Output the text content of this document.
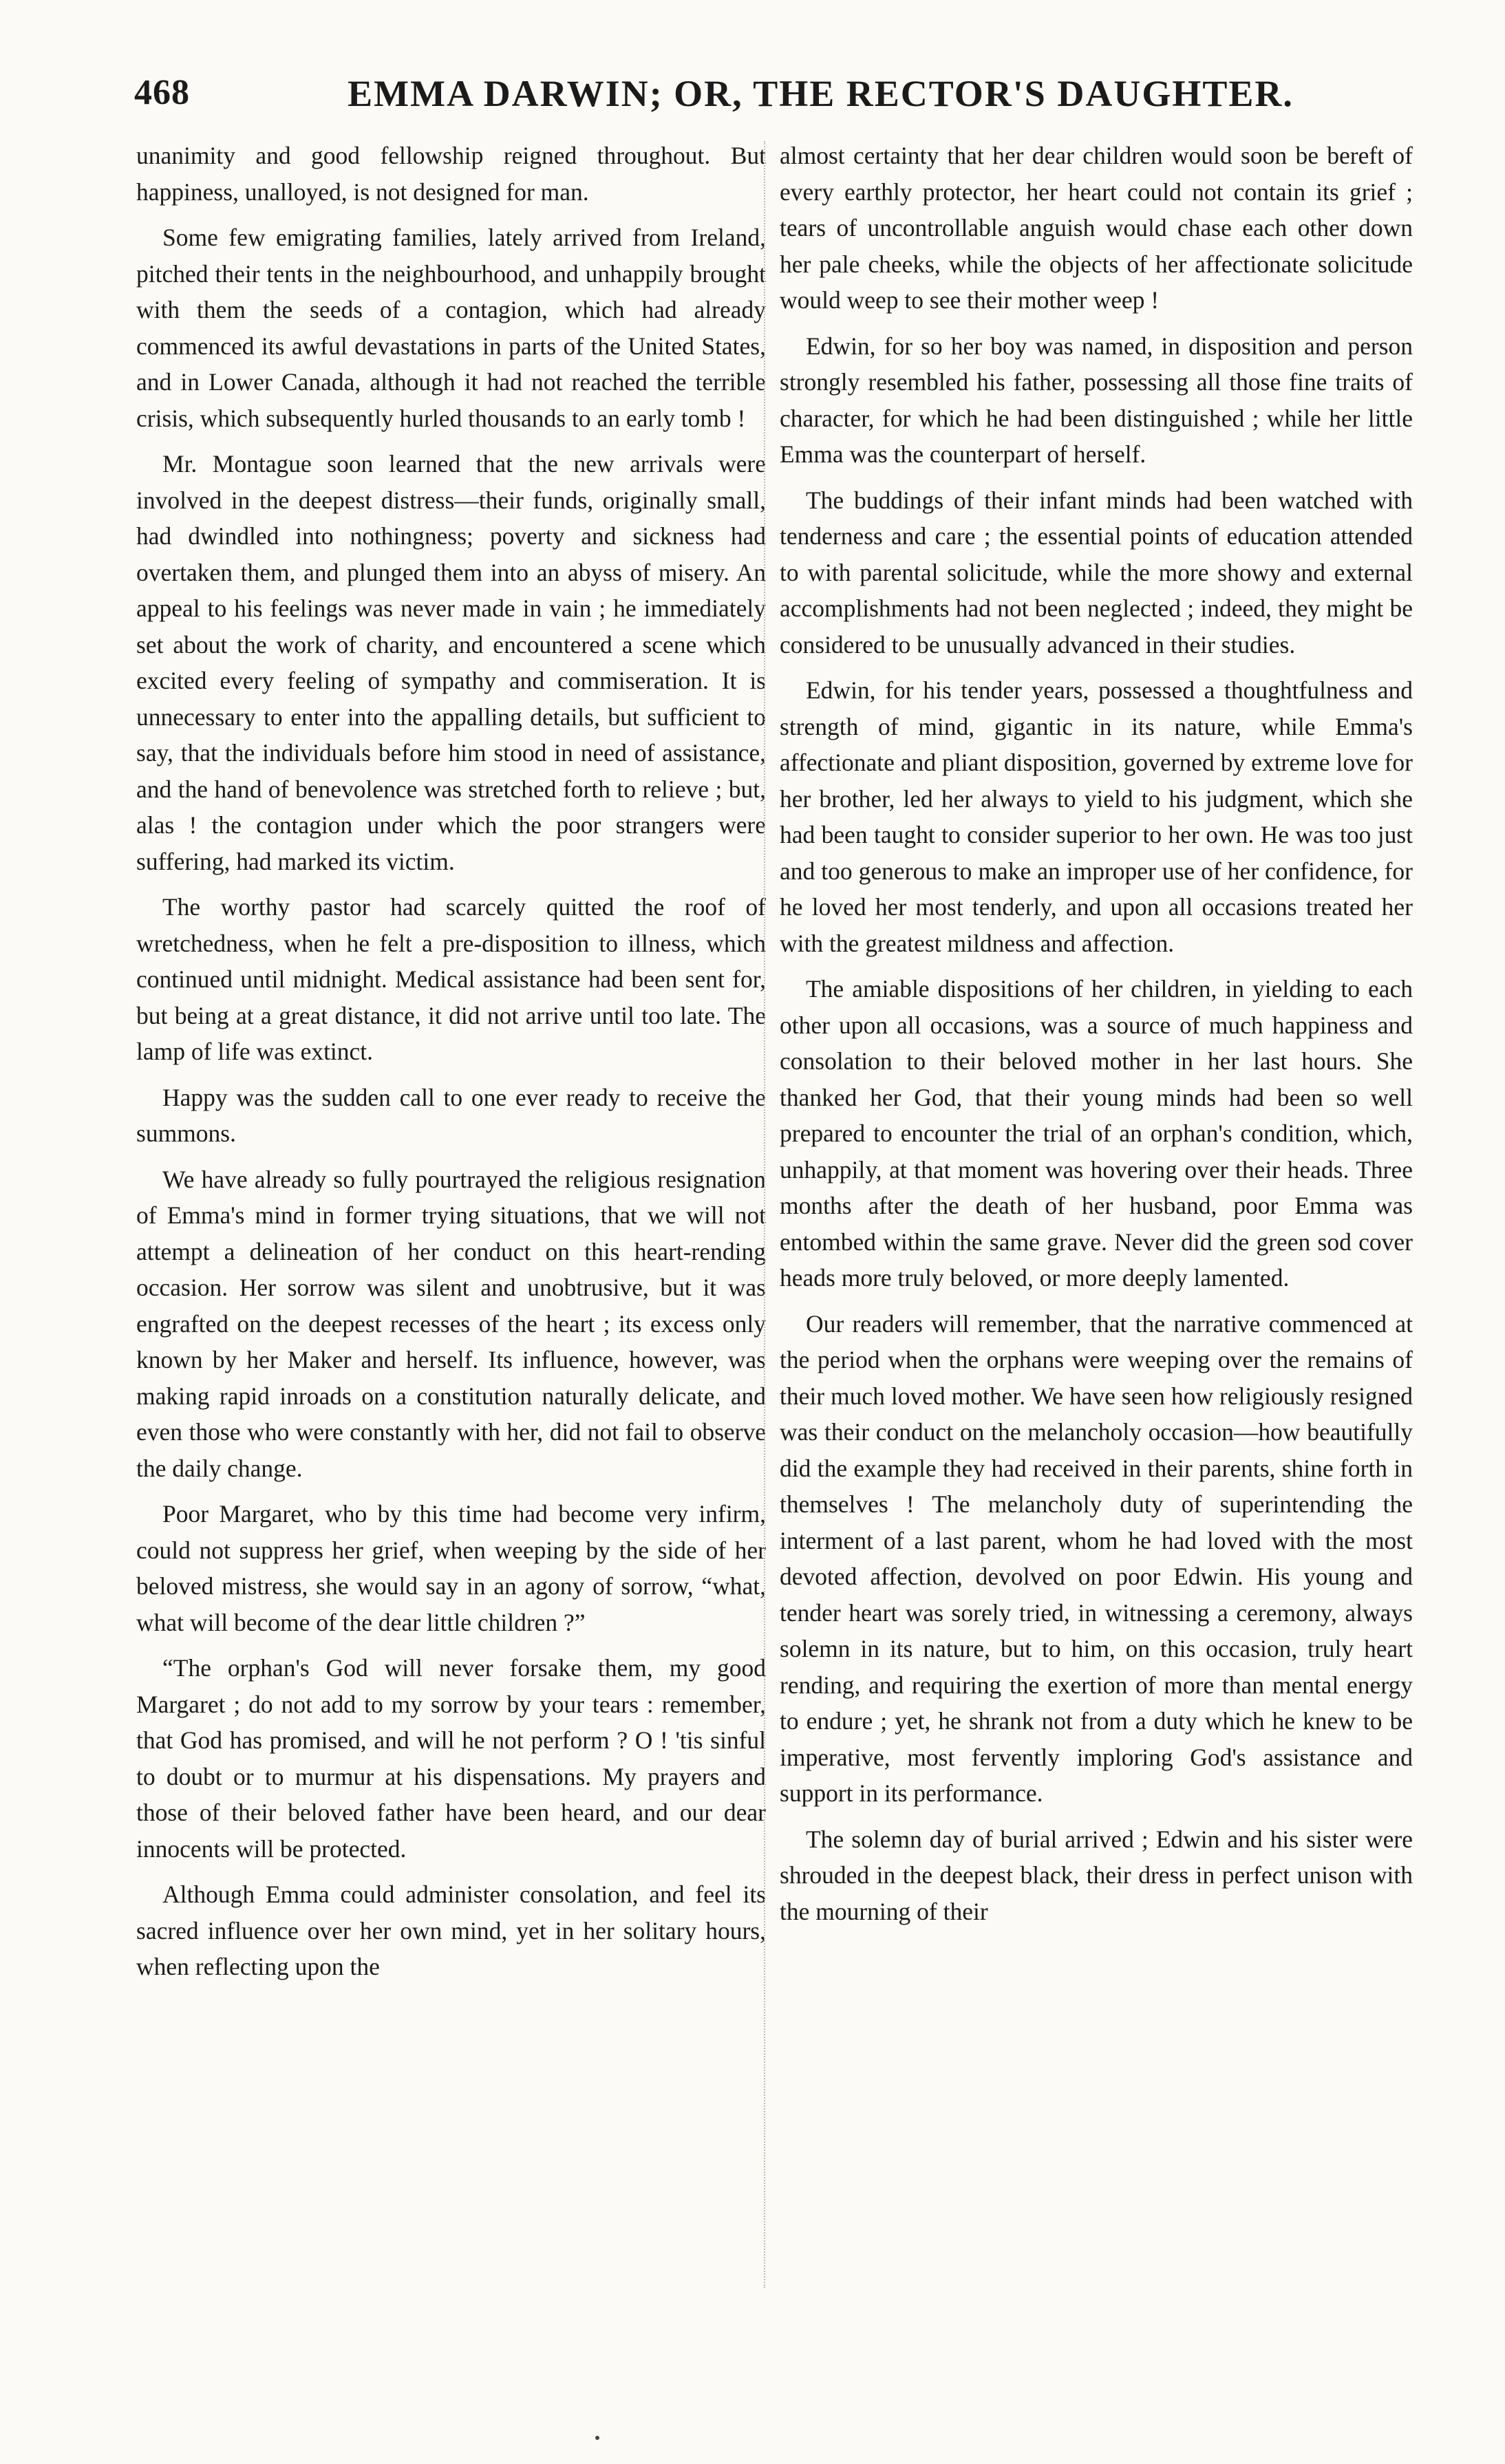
468	EMMA DARWIN; OR, THE RECTOR'S DAUGHTER.

unanimity and good fellowship reigned throughout. But happiness, unalloyed, is not designed for man.

Some few emigrating families, lately arrived from Ireland, pitched their tents in the neighbourhood, and unhappily brought with them the seeds of a contagion, which had already commenced its awful devastations in parts of the United States, and in Lower Canada, although it had not reached the terrible crisis, which subsequently hurled thousands to an early tomb !

Mr. Montague soon learned that the new arrivals were involved in the deepest distress—their funds, originally small, had dwindled into nothingness; poverty and sickness had overtaken them, and plunged them into an abyss of misery. An appeal to his feelings was never made in vain ; he immediately set about the work of charity, and encountered a scene which excited every feeling of sympathy and commiseration. It is unnecessary to enter into the appalling details, but sufficient to say, that the individuals before him stood in need of assistance, and the hand of benevolence was stretched forth to relieve ; but, alas ! the contagion under which the poor strangers were suffering, had marked its victim.

The worthy pastor had scarcely quitted the roof of wretchedness, when he felt a pre-disposition to illness, which continued until midnight. Medical assistance had been sent for, but being at a great distance, it did not arrive until too late. The lamp of life was extinct.

Happy was the sudden call to one ever ready to receive the summons.

We have already so fully pourtrayed the religious resignation of Emma's mind in former trying situations, that we will not attempt a delineation of her conduct on this heart-rending occasion. Her sorrow was silent and unobtrusive, but it was engrafted on the deepest recesses of the heart ; its excess only known by her Maker and herself. Its influence, however, was making rapid inroads on a constitution naturally delicate, and even those who were constantly with her, did not fail to observe the daily change.

Poor Margaret, who by this time had become very infirm, could not suppress her grief, when weeping by the side of her beloved mistress, she would say in an agony of sorrow, “what, what will become of the dear little children ?”

“The orphan's God will never forsake them, my good Margaret ; do not add to my sorrow by your tears : remember, that God has promised, and will he not perform ? O ! 'tis sinful to doubt or to murmur at his dispensations. My prayers and those of their beloved father have been heard, and our dear innocents will be protected.

Although Emma could administer consolation, and feel its sacred influence over her own mind, yet in her solitary hours, when reflecting upon the

almost certainty that her dear children would soon be bereft of every earthly protector, her heart could not contain its grief ; tears of uncontrollable anguish would chase each other down her pale cheeks, while the objects of her affectionate solicitude would weep to see their mother weep !

Edwin, for so her boy was named, in disposition and person strongly resembled his father, possessing all those fine traits of character, for which he had been distinguished ; while her little Emma was the counterpart of herself.

The buddings of their infant minds had been watched with tenderness and care ; the essential points of education attended to with parental solicitude, while the more showy and external accomplishments had not been neglected ; indeed, they might be considered to be unusually advanced in their studies.

Edwin, for his tender years, possessed a thoughtfulness and strength of mind, gigantic in its nature, while Emma's affectionate and pliant disposition, governed by extreme love for her brother, led her always to yield to his judgment, which she had been taught to consider superior to her own. He was too just and too generous to make an improper use of her confidence, for he loved her most tenderly, and upon all occasions treated her with the greatest mildness and affection.

The amiable dispositions of her children, in yielding to each other upon all occasions, was a source of much happiness and consolation to their beloved mother in her last hours. She thanked her God, that their young minds had been so well prepared to encounter the trial of an orphan's condition, which, unhappily, at that moment was hovering over their heads. Three months after the death of her husband, poor Emma was entombed within the same grave. Never did the green sod cover heads more truly beloved, or more deeply lamented.

Our readers will remember, that the narrative commenced at the period when the orphans were weeping over the remains of their much loved mother. We have seen how religiously resigned was their conduct on the melancholy occasion—how beautifully did the example they had received in their parents, shine forth in themselves ! The melancholy duty of superintending the interment of a last parent, whom he had loved with the most devoted affection, devolved on poor Edwin. His young and tender heart was sorely tried, in witnessing a ceremony, always solemn in its nature, but to him, on this occasion, truly heart rending, and requiring the exertion of more than mental energy to endure ; yet, he shrank not from a duty which he knew to be imperative, most fervently imploring God's assistance and support in its performance.

The solemn day of burial arrived ; Edwin and his sister were shrouded in the deepest black, their dress in perfect unison with the mourning of their
